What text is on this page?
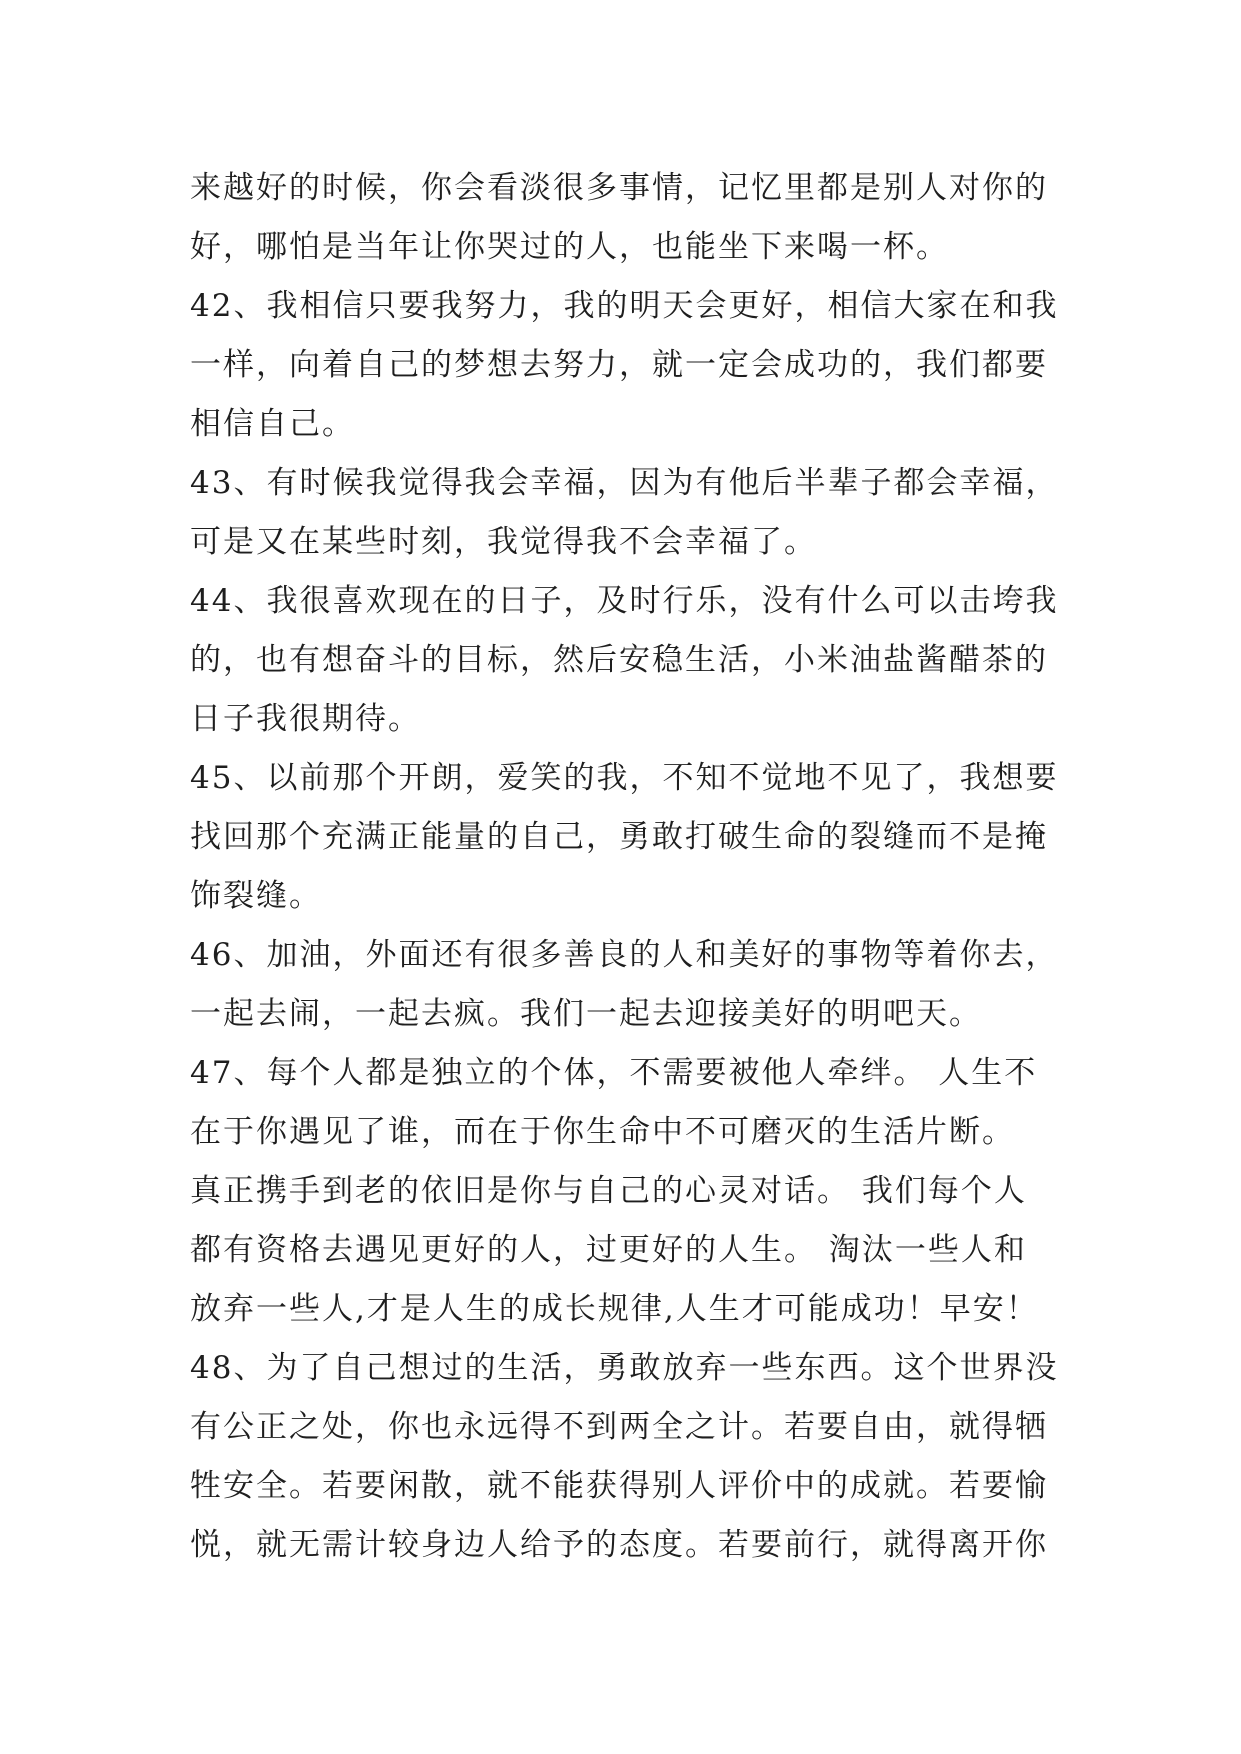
来越好的时候，你会看淡很多事情，记忆里都是别人对你的
好，哪怕是当年让你哭过的人，也能坐下来喝一杯。
42、我相信只要我努力，我的明天会更好，相信大家在和我
一样，向着自己的梦想去努力，就一定会成功的，我们都要
相信自己。
43、有时候我觉得我会幸福，因为有他后半辈子都会幸福，
可是又在某些时刻，我觉得我不会幸福了。
44、我很喜欢现在的日子，及时行乐，没有什么可以击垮我
的，也有想奋斗的目标，然后安稳生活，小米油盐酱醋茶的
日子我很期待。
45、以前那个开朗，爱笑的我，不知不觉地不见了，我想要
找回那个充满正能量的自己，勇敢打破生命的裂缝而不是掩
饰裂缝。
46、加油，外面还有很多善良的人和美好的事物等着你去，
一起去闹，一起去疯。我们一起去迎接美好的明吧天。
47、每个人都是独立的个体，不需要被他人牵绊。 人生不
在于你遇见了谁，而在于你生命中不可磨灭的生活片断。
真正携手到老的依旧是你与自己的心灵对话。 我们每个人
都有资格去遇见更好的人，过更好的人生。 淘汰一些人和
放弃一些人,才是人生的成长规律,人生才可能成功！早安！
48、为了自己想过的生活，勇敢放弃一些东西。这个世界没
有公正之处，你也永远得不到两全之计。若要自由，就得牺
牲安全。若要闲散，就不能获得别人评价中的成就。若要愉
悦，就无需计较身边人给予的态度。若要前行，就得离开你
